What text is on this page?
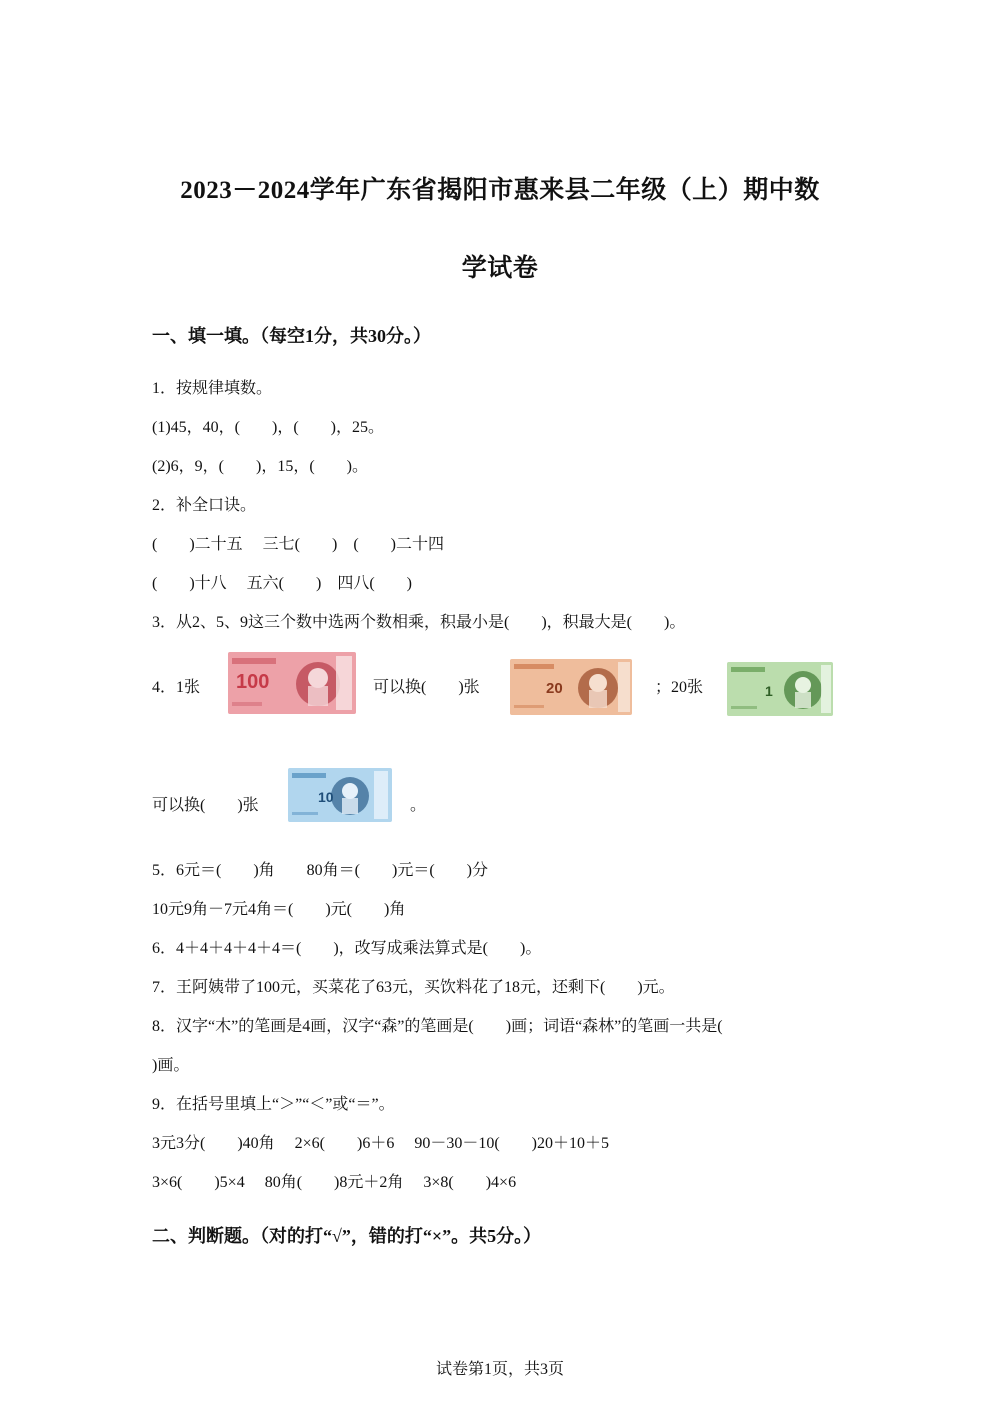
2023－2024学年广东省揭阳市惠来县二年级（上）期中数
学试卷
一、填一填。（每空1分，共30分。）
1．按规律填数。
(1)45，40，(　　)，(　　)，25。
(2)6，9，(　　)，15，(　　)。
2．补全口诀。
(　　)二十五　 三七(　　)　(　　)二十四
(　　)十八　 五六(　　)　四八(　　)
3．从2、5、9这三个数中选两个数相乘，积最小是(　　)，积最大是(　　)。
4．1张 100	可以换(　　)张	20	；20张	1
可以换(　　)张	10	。
5．6元＝(　　)角　　80角＝(　　)元＝(　　)分
10元9角－7元4角＝(　　)元(　　)角
6．4＋4＋4＋4＋4＝(　　)，改写成乘法算式是(　　)。
7．王阿姨带了100元，买菜花了63元，买饮料花了18元，还剩下(　　)元。
8．汉字“木”的笔画是4画，汉字“森”的笔画是(　　)画；词语“森林”的笔画一共是(
)画。
9．在括号里填上“＞”“＜”或“＝”。
3元3分(　　)40角　 2×6(　　)6＋6　 90－30－10(　　)20＋10＋5
3×6(　　)5×4　 80角(　　)8元＋2角　 3×8(　　)4×6
二、判断题。（对的打“√”，错的打“×”。共5分。）
试卷第1页，共3页
